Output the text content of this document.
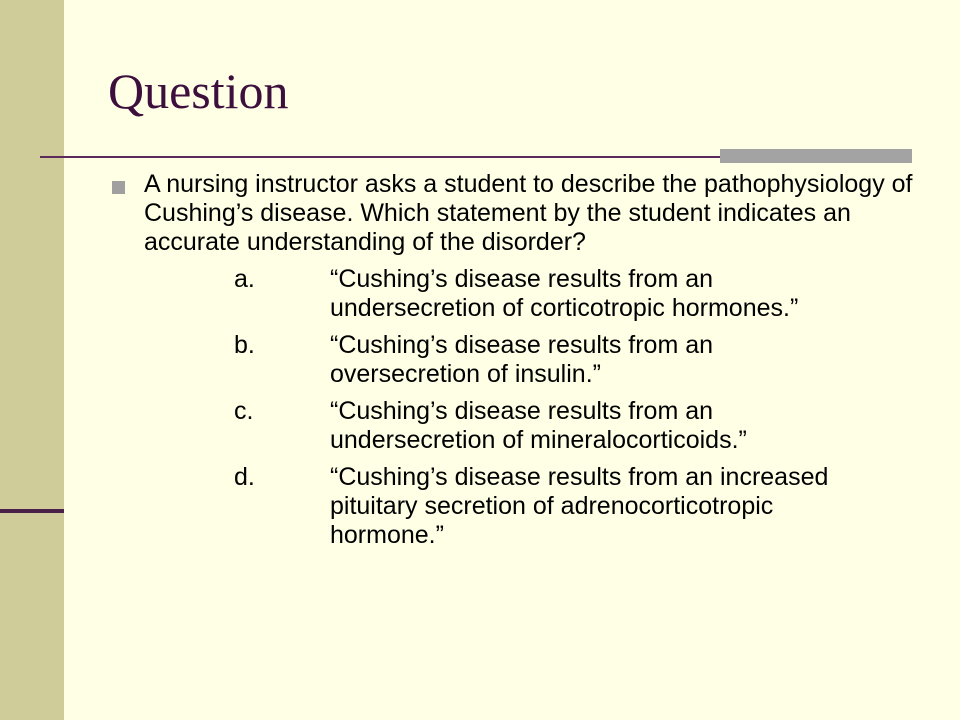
Question
A nursing instructor asks a student to describe the pathophysiology of Cushing’s disease. Which statement by the student indicates an accurate understanding of the disorder?
a.	“Cushing’s disease results from an undersecretion of corticotropic hormones.”
b.	“Cushing’s disease results from an oversecretion of insulin.”
c.	“Cushing’s disease results from an undersecretion of mineralocorticoids.”
d.	“Cushing’s disease results from an increased pituitary secretion of adrenocorticotropic hormone.”
